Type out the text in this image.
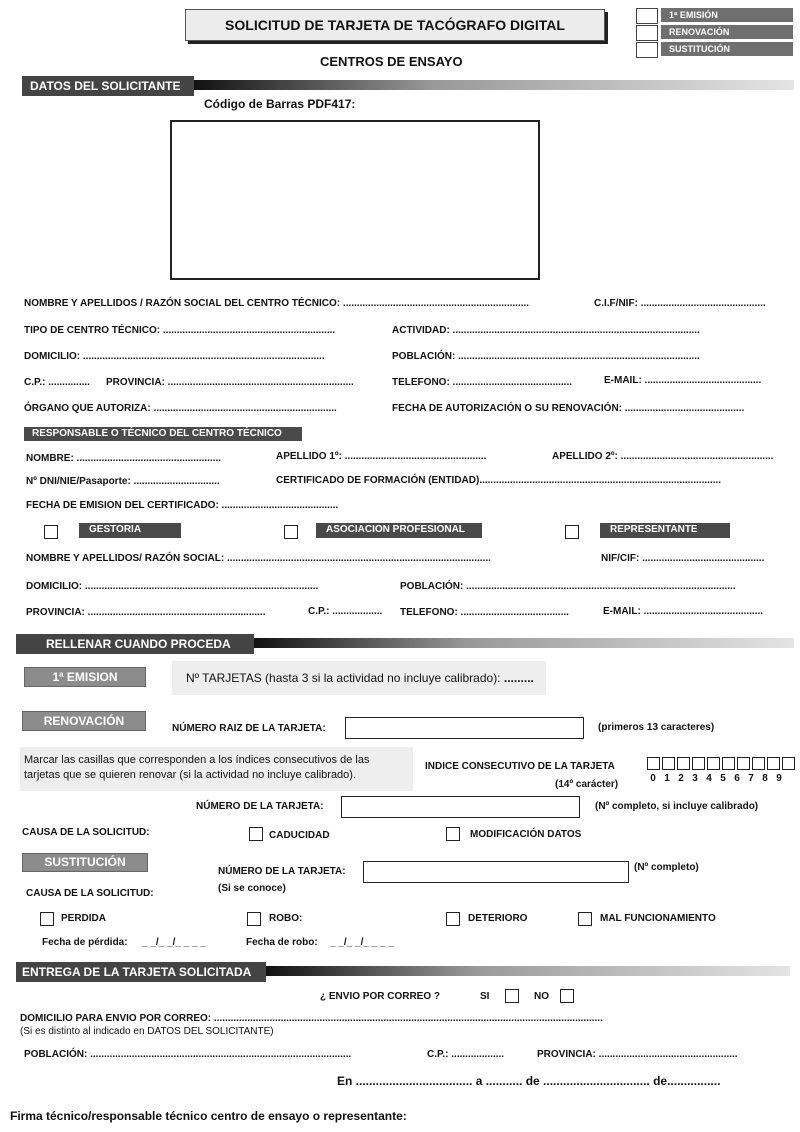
SOLICITUD DE TARJETA DE TACÓGRAFO DIGITAL
1ª EMISIÓN
RENOVACIÓN
SUSTITUCIÓN
CENTROS DE ENSAYO
DATOS DEL SOLICITANTE
Código de Barras PDF417:
NOMBRE Y APELLIDOS / RAZÓN SOCIAL DEL CENTRO TÉCNICO: ...................................................................	C.I.F/NIF: .............................................
TIPO DE CENTRO TÉCNICO: ..............................................................	ACTIVIDAD: .........................................................................................
DOMICILIO: .......................................................................................	POBLACIÓN: .......................................................................................
C.P.: ............... PROVINCIA: ...................................................................	TELEFONO: ...........................................	E-MAIL: ..........................................
ÓRGANO QUE AUTORIZA: ..................................................................	FECHA DE AUTORIZACIÓN O SU RENOVACIÓN: ...........................................
RESPONSABLE O TÉCNICO DEL CENTRO TÉCNICO
NOMBRE: ....................................................	APELLIDO 1º: ...................................................	APELLIDO 2º: .......................................................
Nº DNI/NIE/Pasaporte: ...............................	CERTIFICADO DE FORMACIÓN (ENTIDAD).......................................................................................
FECHA DE EMISION DEL CERTIFICADO: ..........................................
GESTORIA	ASOCIACION PROFESIONAL	REPRESENTANTE
NOMBRE Y APELLIDOS/ RAZÓN SOCIAL: ...............................................................................................	NIF/CIF: ............................................
DOMICILIO: ....................................................................................	POBLACIÓN: .................................................................................................
PROVINCIA: ................................................................	C.P.: .................. TELEFONO: .......................................	E-MAIL: ...........................................
RELLENAR CUANDO PROCEDA
1ª EMISION	Nº TARJETAS (hasta 3 si la actividad no incluye calibrado): .........
RENOVACIÓN
NÚMERO RAIZ DE LA TARJETA:	(primeros 13 caracteres)
Marcar las casillas que corresponden a los índices consecutivos de las
tarjetas que se quieren renovar (si la actividad no incluye calibrado).
INDICE CONSECUTIVO DE LA TARJETA
(14º carácter)
0 1 2 3 4 5 6 7 8 9
NÚMERO DE LA TARJETA:	(Nº completo, si incluye calibrado)
CAUSA DE LA SOLICITUD:	CADUCIDAD	MODIFICACIÓN DATOS
SUSTITUCIÓN
NÚMERO DE LA TARJETA:	(Nº completo)
(Si se conoce)
CAUSA DE LA SOLICITUD:
PERDIDA	ROBO:	DETERIORO	MAL FUNCIONAMIENTO
Fecha de pérdida: _ _/_ _/_ _ _ _	Fecha de robo: _ _/_ _/_ _ _ _
ENTREGA DE LA TARJETA SOLICITADA
¿ ENVIO POR CORREO ?	SI	NO
DOMICILIO PARA ENVIO POR CORREO: ............................................................................................................................................
(Si es distinto al indicado en DATOS DEL SOLICITANTE)
POBLACIÓN: ..............................................................................................	C.P.: ...................	PROVINCIA: ..................................................
En ................................... a ........... de ................................ de................
Firma técnico/responsable técnico centro de ensayo o representante:
